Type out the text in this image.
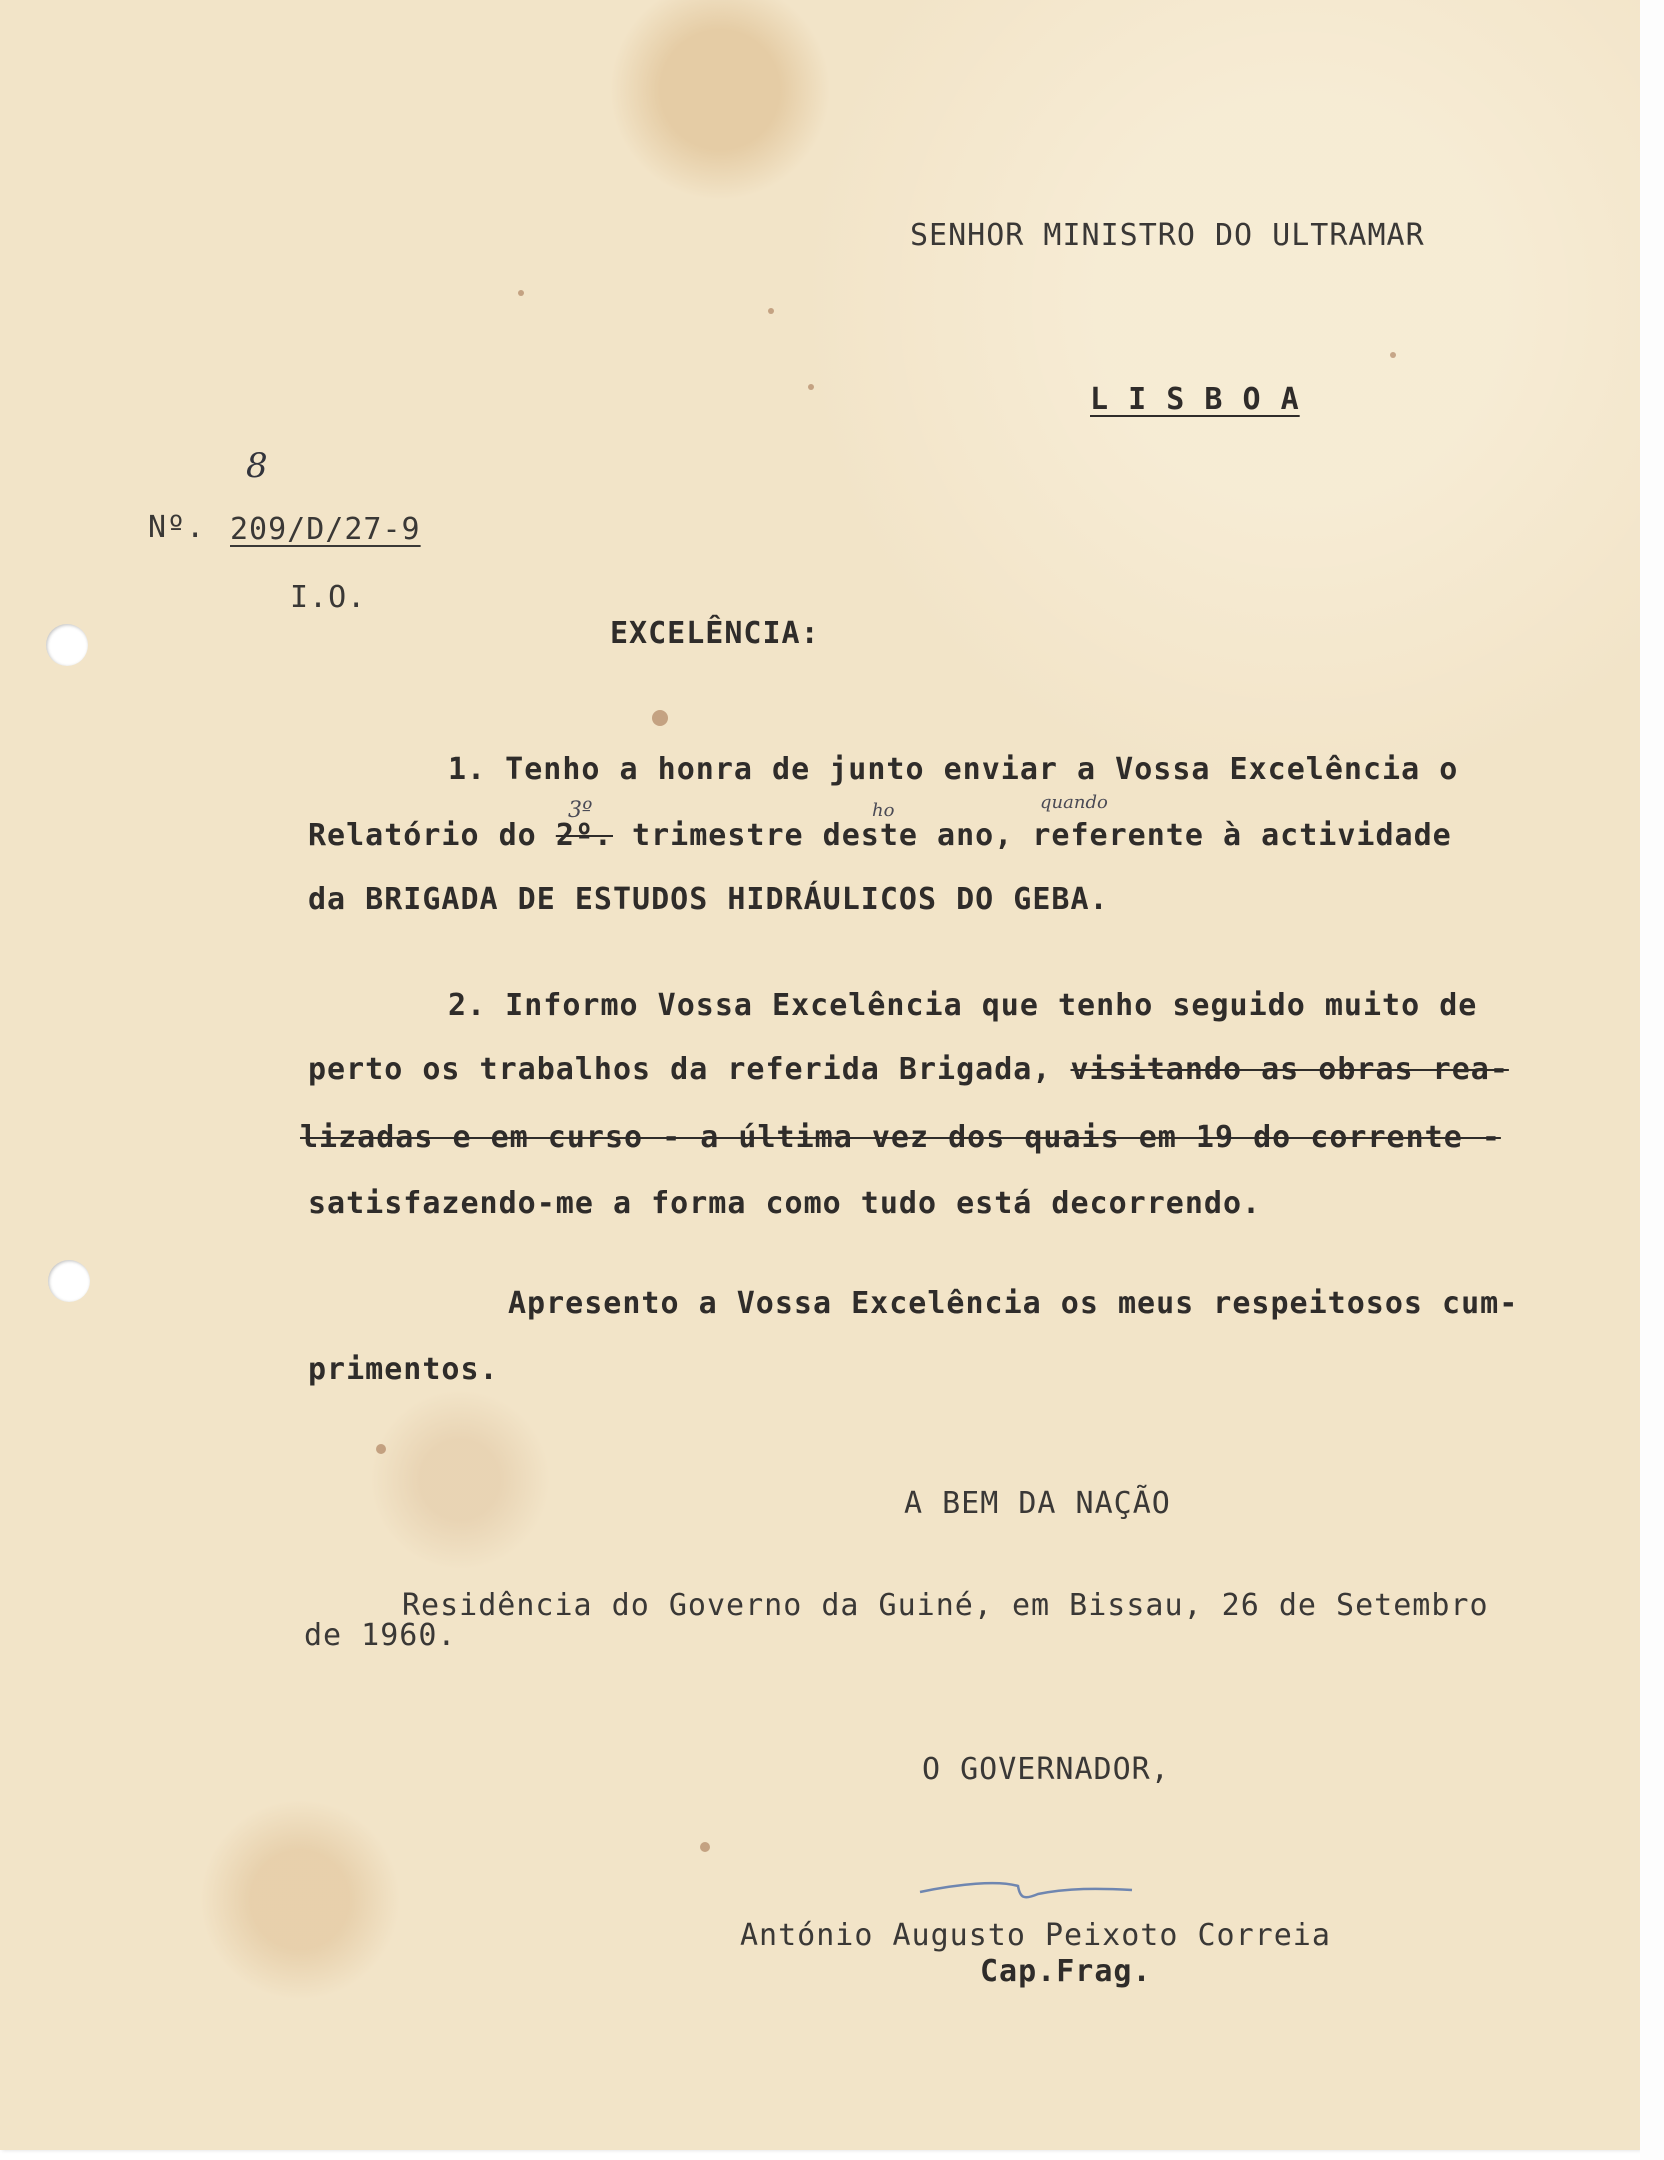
SENHOR MINISTRO DO ULTRAMAR
L I S B O A
8
Nº. 209/D/27-9
I.O.
EXCELÊNCIA:
1. Tenho a honra de junto enviar a Vossa Excelência o
3º	ho	quando
Relatório do 2º. trimestre deste ano, referente à actividade
da BRIGADA DE ESTUDOS HIDRÁULICOS DO GEBA.
2. Informo Vossa Excelência que tenho seguido muito de
perto os trabalhos da referida Brigada, visitando as obras rea-
lizadas e em curso - a última vez dos quais em 19 do corrente -
satisfazendo-me a forma como tudo está decorrendo.
Apresento a Vossa Excelência os meus respeitosos cum-
primentos.
A BEM DA NAÇÃO
Residência do Governo da Guiné, em Bissau, 26 de Setembro
de 1960.
O GOVERNADOR,
António Augusto Peixoto Correia
Cap.Frag.
